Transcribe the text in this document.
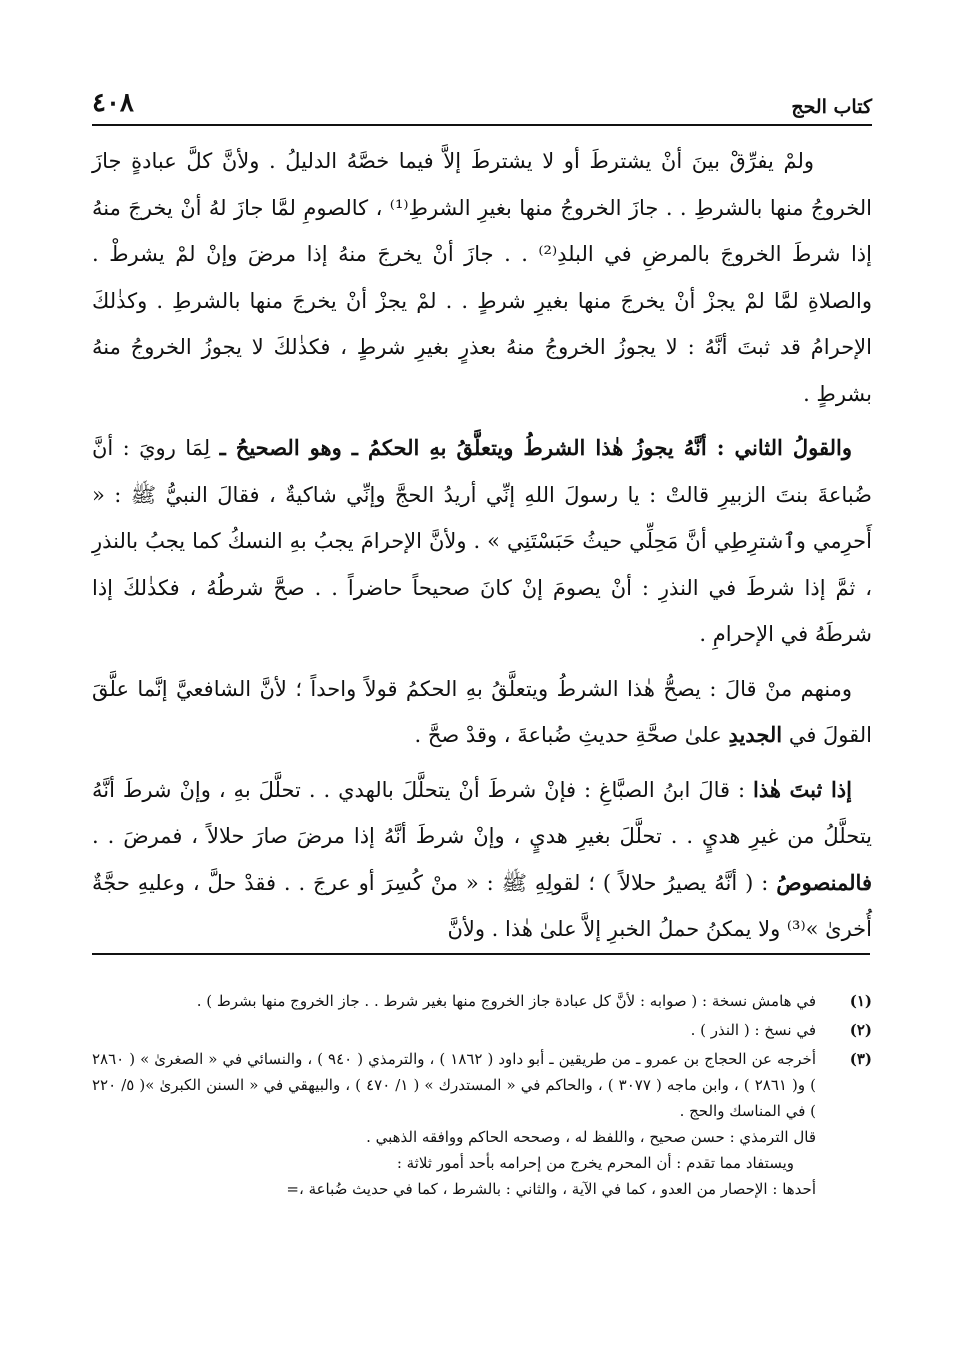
كتاب الحج
٤٠٨

ولمْ يفرِّقْ بينَ أنْ يشترطَ أو لا يشترطَ إلاَّ فيما خصَّهُ الدليلُ . ولأنَّ كلَّ عبادةٍ جازَ الخروجُ منها بالشرطِ . . جازَ الخروجُ منها بغيرِ الشرطِ⁽¹⁾ ، كالصومِ لمَّا جازَ لهُ أنْ يخرجَ منهُ إذا شرطَ الخروجَ بالمرضِ في البلدِ⁽²⁾ . . جازَ أنْ يخرجَ منهُ إذا مرضَ وإنْ لمْ يشرطْ . والصلاةِ لمَّا لمْ يجزْ أنْ يخرجَ منها بغيرِ شرطٍ . . لمْ يجزْ أنْ يخرجَ منها بالشرطِ . وكذٰلكَ الإحرامُ قد ثبتَ أنَّهُ : لا يجوزُ الخروجُ منهُ بعذرٍ بغيرِ شرطٍ ، فكذٰلكَ لا يجوزُ الخروجُ منهُ بشرطٍ .

والقولُ الثاني : أنَّهُ يجوزُ هٰذا الشرطُ ويتعلَّقُ بهِ الحكمُ ـ وهو الصحيحُ ـ لِمَا رويَ : أنَّ ضُباعةَ بنتَ الزبيرِ قالتْ : يا رسولَ اللهِ إنِّي أريدُ الحجَّ وإنِّي شاكيةٌ ، فقالَ النبيُّ ﷺ : « أَحرِمي وٱشترِطِي أنَّ مَحِلِّي حيثُ حَبَسْتَنِي » . ولأنَّ الإحرامَ يجبُ بهِ النسكُ كما يجبُ بالنذرِ ، ثمَّ إذا شرطَ في النذرِ : أنْ يصومَ إنْ كانَ صحيحاً حاضراً . . صحَّ شرطُهُ ، فكذٰلكَ إذا شرطَهُ في الإحرامِ .

ومنهم منْ قالَ : يصحُّ هٰذا الشرطُ ويتعلَّقُ بهِ الحكمُ قولاً واحداً ؛ لأنَّ الشافعيَّ إنَّما علَّقَ القولَ في الجديدِ علىٰ صحَّةِ حديثِ ضُباعةَ ، وقدْ صحَّ .

إذا ثبتَ هٰذا : قالَ ابنُ الصبَّاغِ : فإنْ شرطَ أنْ يتحلَّلَ بالهدي . . تحلَّلَ بهِ ، وإنْ شرطَ أنَّهُ يتحلَّلُ من غيرِ هديٍ . . تحلَّلَ بغيرِ هديٍ ، وإنْ شرطَ أنَّهُ إذا مرضَ صارَ حلالاً ، فمرضَ . . فالمنصوصُ : ( أنَّهُ يصيرُ حلالاً ) ؛ لقولِهِ ﷺ : « منْ كُسِرَ أو عرجَ . . فقدْ حلَّ ، وعليهِ حجَّةٌ أُخرىٰ »⁽³⁾ ولا يمكنُ حملُ الخبرِ إلاَّ علىٰ هٰذا . ولأنَّ

(١)
في هامش نسخة : ( صوابه : لأنَّ كل عبادة جاز الخروج منها بغير شرط . . جاز الخروج منها بشرط ) .
(٢)
في نسخ : ( النذر ) .
(٣)
أخرجه عن الحجاج بن عمرو ـ من طريقين ـ أبو داود ( ١٨٦٢ ) ، والترمذي ( ٩٤٠ ) ، والنسائي في « الصغرىٰ » ( ٢٨٦٠ ) و( ٢٨٦١ ) ، وابن ماجه ( ٣٠٧٧ ) ، والحاكم في « المستدرك » ( ١/ ٤٧٠ ) ، والبيهقي في « السنن الكبرىٰ »( ٥/ ٢٢٠ ) في المناسك والحج .
قال الترمذي : حسن صحيح ، واللفظ له ، وصححه الحاكم ووافقه الذهبي .
ويستفاد مما تقدم : أن المحرم يخرج من إحرامه بأحد أمور ثلاثة :
أحدها : الإحصار من العدو ، كما في الآية ، والثاني : بالشرط ، كما في حديث ضُباعة ،=
